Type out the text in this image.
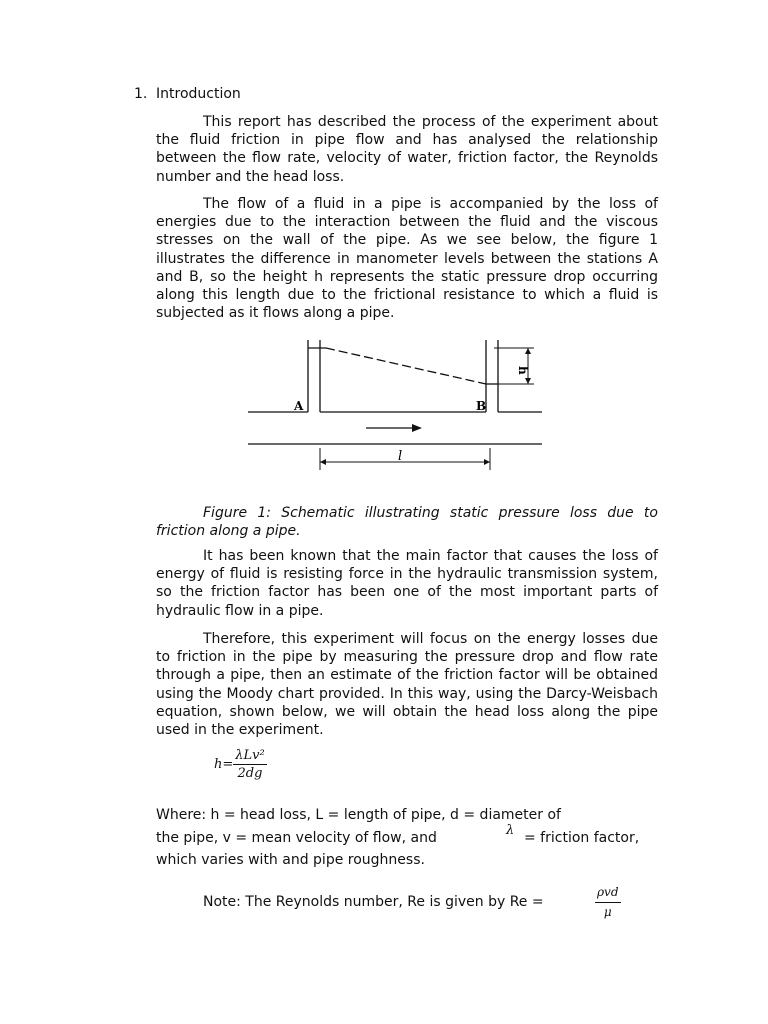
1. Introduction

This report has described the process of the experiment about the fluid friction in pipe flow and has analysed the relationship between the flow rate, velocity of water, friction factor, the Reynolds number and the head loss.

The flow of a fluid in a pipe is accompanied by the loss of energies due to the interaction between the fluid and the viscous stresses on the wall of the pipe. As we see below, the figure 1 illustrates the difference in manometer levels between the stations A and B, so the height h represents the static pressure drop occurring along this length due to the frictional resistance to which a fluid is subjected as it flows along a pipe.

A	B
h
l

Figure 1: Schematic illustrating static pressure loss due to friction along a pipe.

It has been known that the main factor that causes the loss of energy of fluid is resisting force in the hydraulic transmission system, so the friction factor has been one of the most important parts of hydraulic flow in a pipe.

Therefore, this experiment will focus on the energy losses due to friction in the pipe by measuring the pressure drop and flow rate through a pipe, then an estimate of the friction factor will be obtained using the Moody chart provided. In this way, using the Darcy-Weisbach equation, shown below, we will obtain the head loss along the pipe used in the experiment.

$h= \frac{\text{λLv²}}{2dg}$
Where: h = head loss, L = length of pipe, d = diameter of
the pipe, v = mean velocity of flow, and	λ = friction factor,
which varies with and pipe roughness.
Note: The Reynolds number, Re is given by Re =
ρvd
μ
